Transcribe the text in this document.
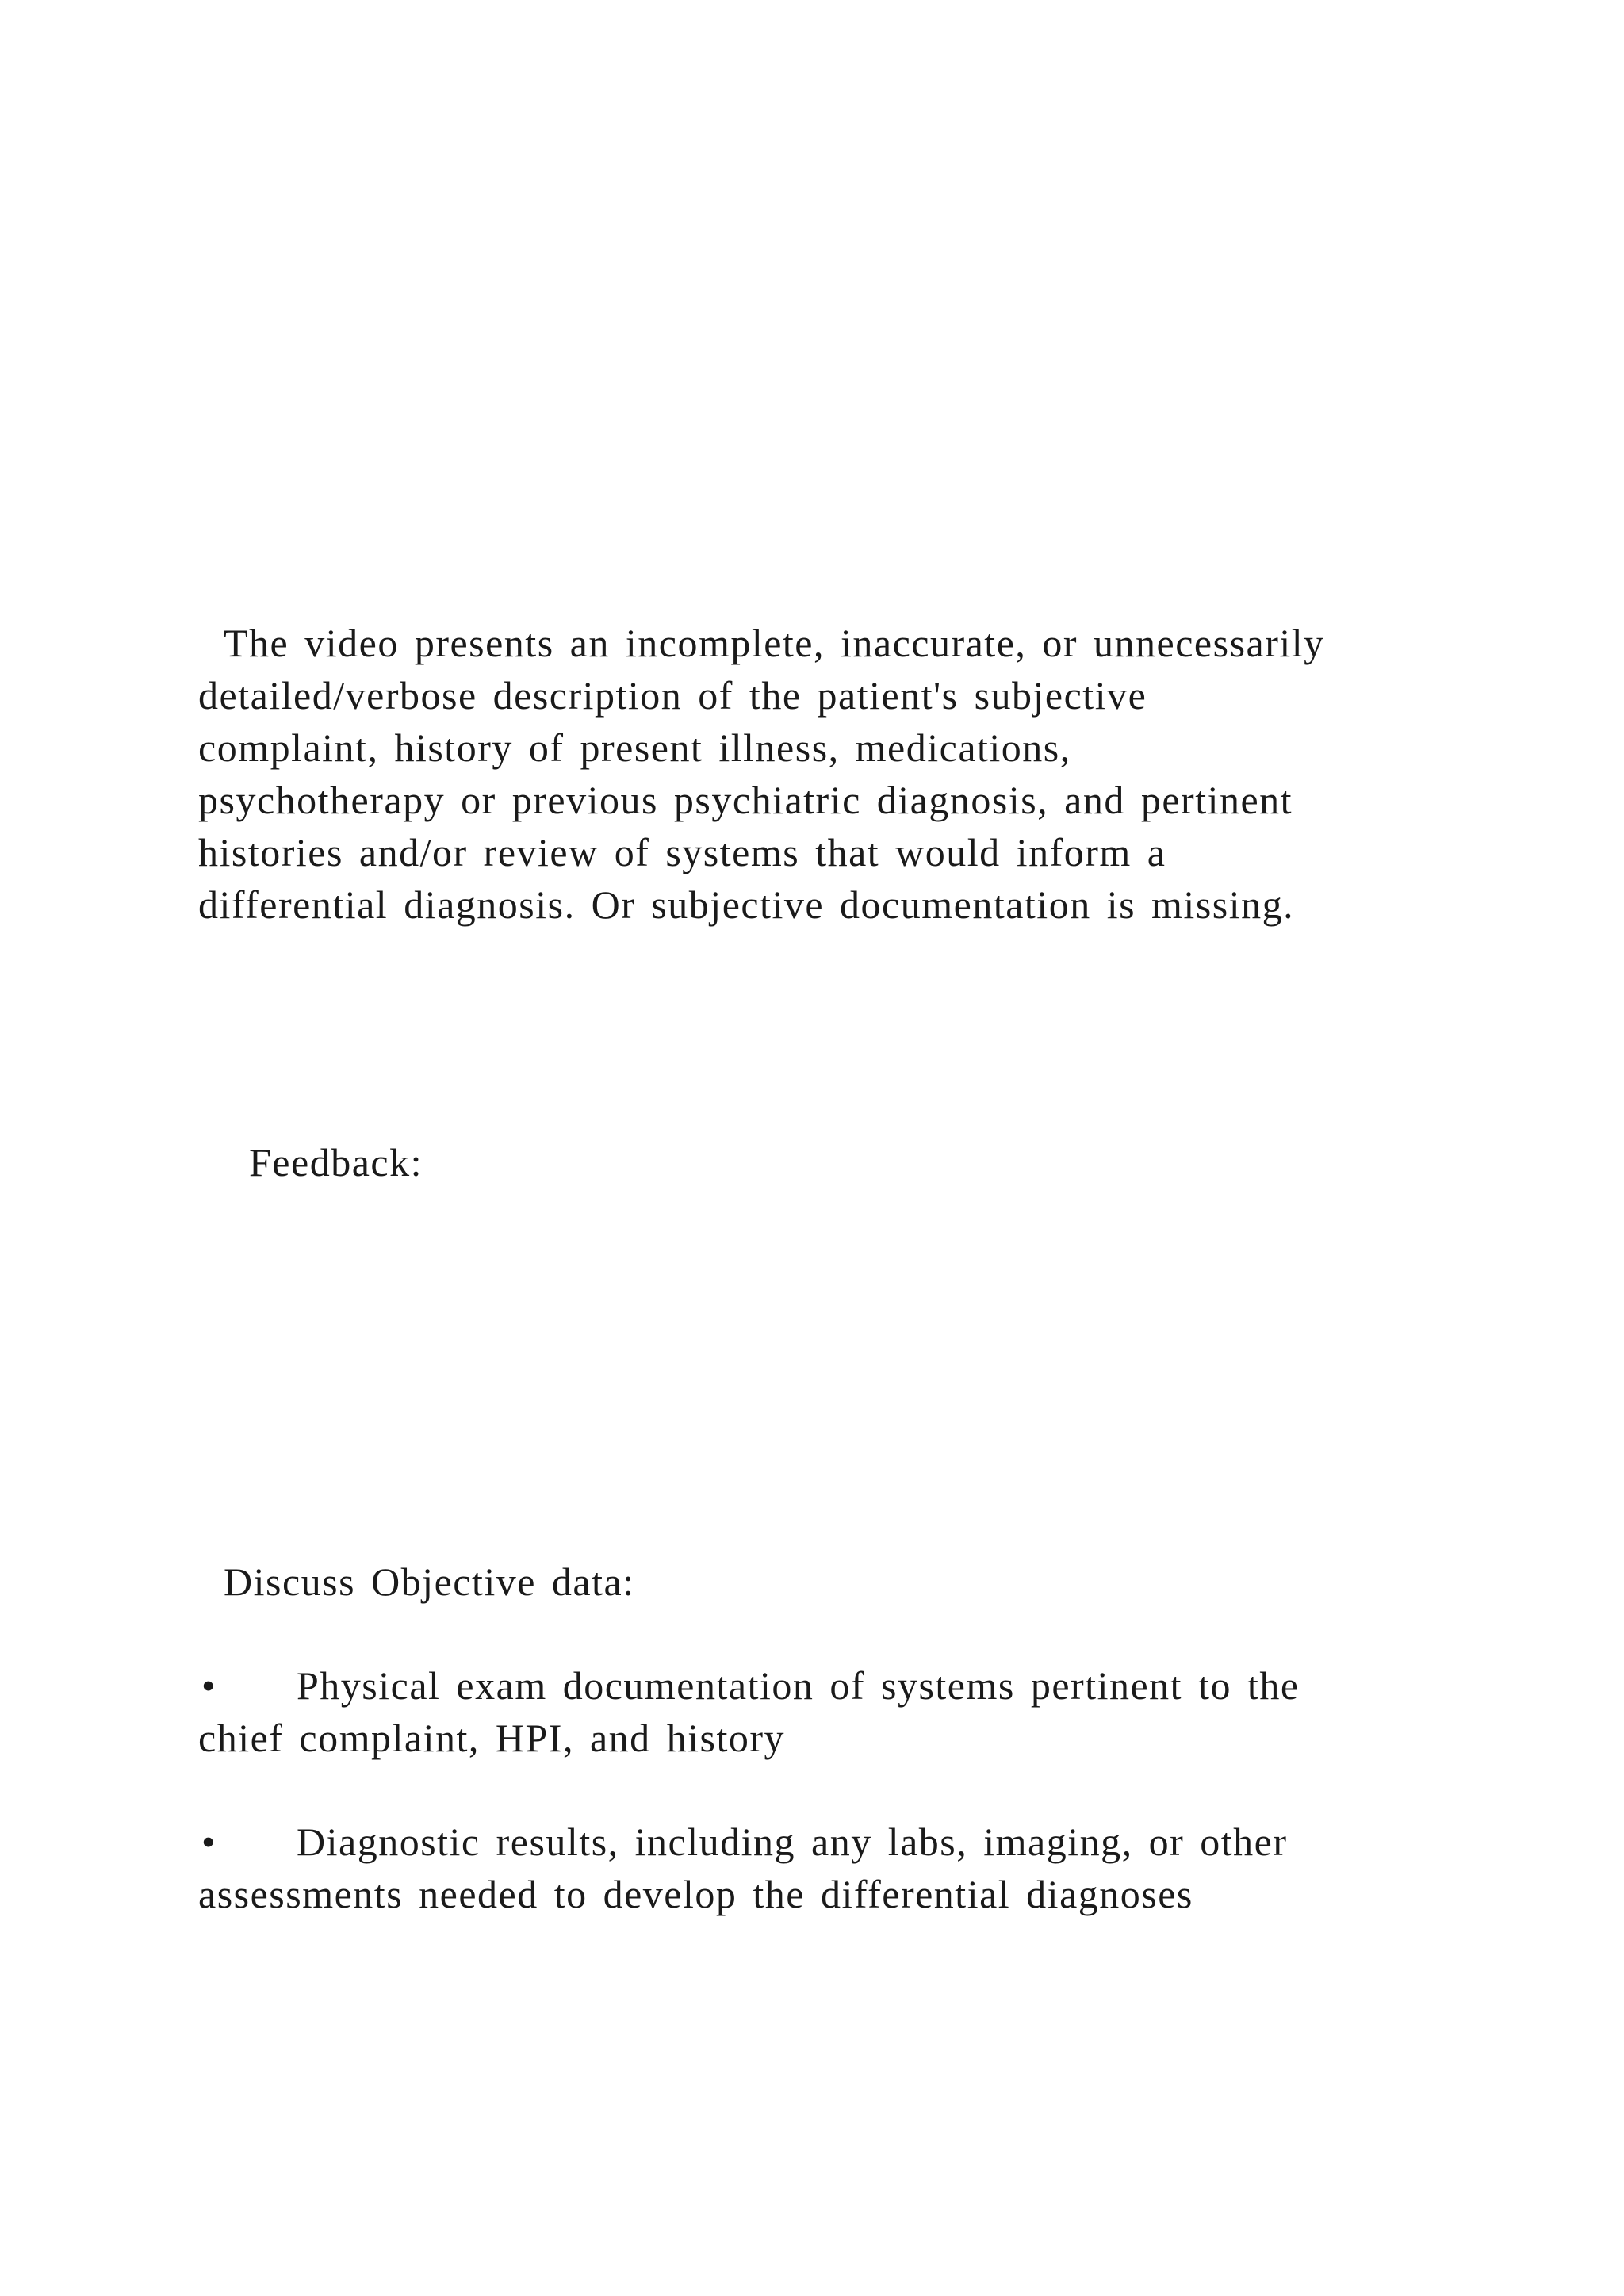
The video presents an incomplete, inaccurate, or unnecessarily

detailed/verbose description of the patient's subjective

complaint, history of present illness, medications,

psychotherapy or previous psychiatric diagnosis, and pertinent

histories and/or review of systems that would inform a

differential diagnosis. Or subjective documentation is missing.

Feedback:

Discuss Objective data:

• Physical exam documentation of systems pertinent to the

chief complaint, HPI, and history

• Diagnostic results, including any labs, imaging, or other

assessments needed to develop the differential diagnoses
